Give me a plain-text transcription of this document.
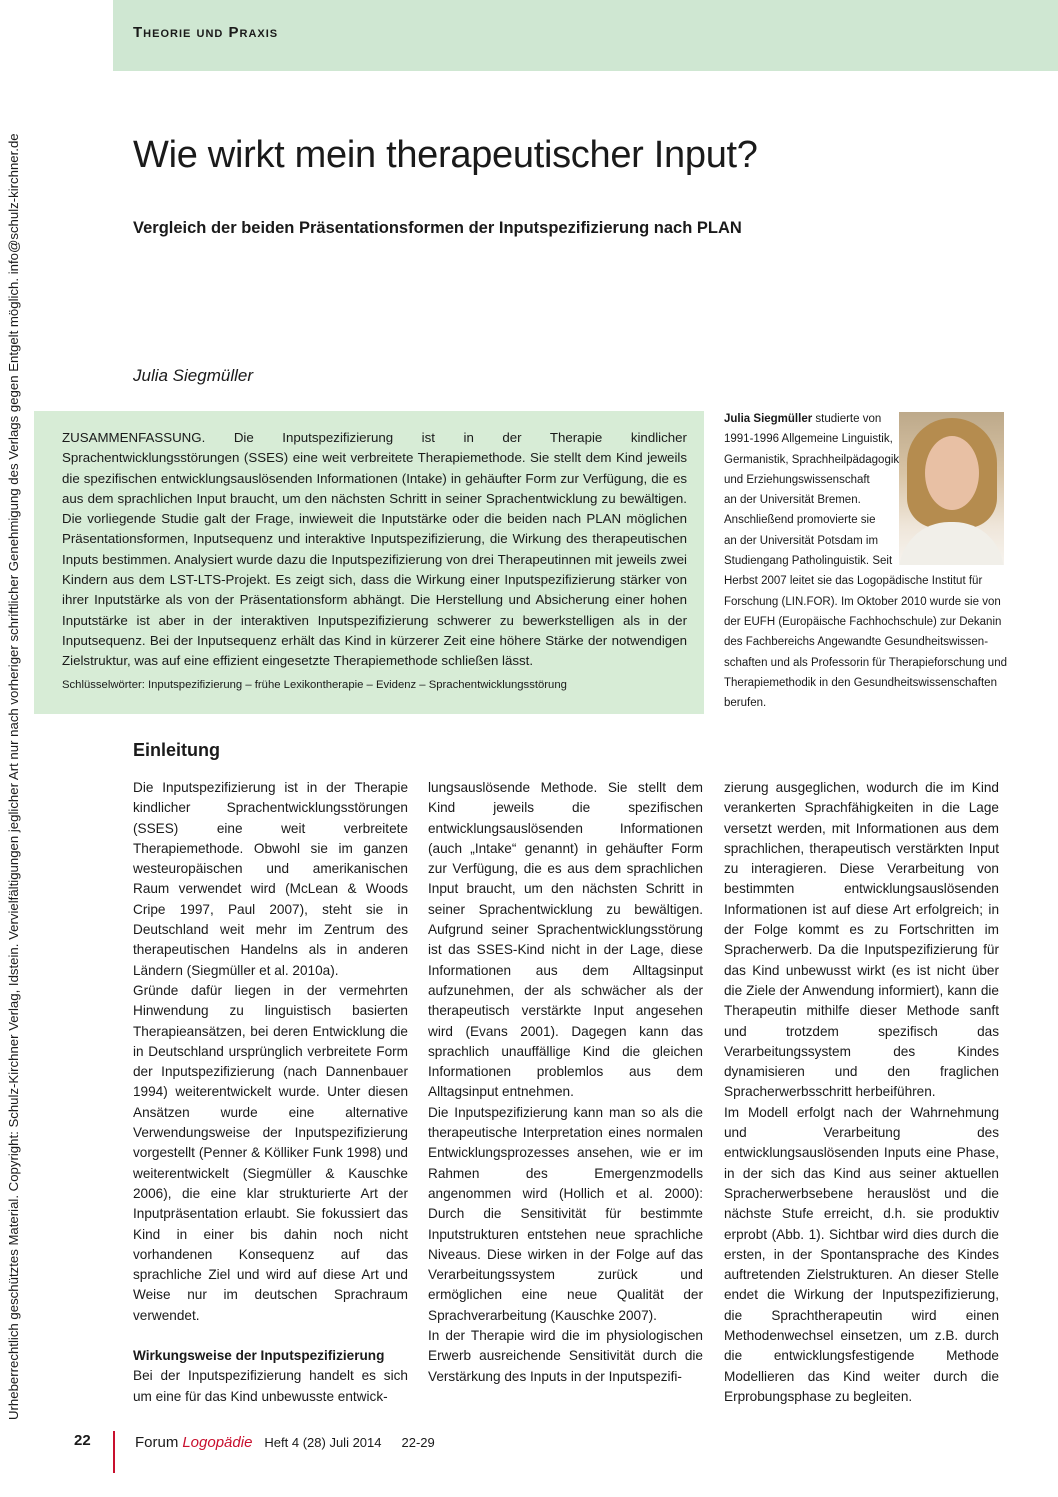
Theorie und Praxis
Urheberrechtlich geschütztes Material. Copyright: Schulz-Kirchner Verlag, Idstein. Vervielfältigungen jeglicher Art nur nach vorheriger schriftlicher Genehmigung des Verlags gegen Entgelt möglich. info@schulz-kirchner.de	Wie wirkt mein therapeutischer Input?
Vergleich der beiden Präsentationsformen der Inputspezifizierung nach PLAN
Julia Siegmüller
ZUSAMMENFASSUNG. Die Inputspezifizierung ist in der Therapie kindlicher Sprachentwicklungsstörungen (SSES) eine weit verbreitete Therapiemethode. Sie stellt dem Kind jeweils die spezifischen entwicklungsauslösenden Informationen (Intake) in gehäufter Form zur Verfügung, die es aus dem sprachlichen Input braucht, um den nächsten Schritt in seiner Sprachentwicklung zu bewältigen. Die vorliegende Studie galt der Frage, inwieweit die Inputstärke oder die beiden nach PLAN möglichen Präsentationsformen, Inputsequenz und interaktive Inputspezifizierung, die Wirkung des therapeutischen Inputs bestimmen. Analysiert wurde dazu die Inputspezifizierung von drei Therapeutinnen mit jeweils zwei Kindern aus dem LST-LTS-Projekt. Es zeigt sich, dass die Wirkung einer Inputspezifizierung stärker von ihrer Inputstärke als von der Präsentationsform abhängt. Die Herstellung und Absicherung einer hohen Inputstärke ist aber in der interaktiven Inputspezifizierung schwerer zu bewerkstelligen als in der Inputsequenz. Bei der Inputsequenz erhält das Kind in kürzerer Zeit eine höhere Stärke der notwendigen Zielstruktur, was auf eine effizient eingesetzte Therapiemethode schließen lässt.
Schlüsselwörter: Inputspezifizierung – frühe Lexikontherapie – Evidenz – Sprachentwicklungsstörung
Julia Siegmüller studierte von
1991-1996 Allgemeine Linguistik,
Germanistik, Sprachheilpädagogik
und Erziehungswissenschaft
an der Universität Bremen.
Anschließend promovierte sie
an der Universität Potsdam im
Studiengang Patholinguistik. Seit
Herbst 2007 leitet sie das Logopädische Institut für
Forschung (LIN.FOR). Im Oktober 2010 wurde sie von
der EUFH (Europäische Fachhochschule) zur Dekanin
des Fachbereichs Angewandte Gesundheitswissen-
schaften und als Professorin für Therapieforschung und
Therapiemethodik in den Gesundheitswissenschaften
berufen.
Einleitung

Die Inputspezifizierung ist in der Therapie kindlicher Sprachentwicklungsstörungen (SSES) eine weit verbreitete Therapiemethode. Obwohl sie im ganzen westeuropäischen und amerikanischen Raum verwendet wird (McLean & Woods Cripe 1997, Paul 2007), steht sie in Deutschland weit mehr im Zentrum des therapeutischen Handelns als in anderen Ländern (Siegmüller et al. 2010a).

Gründe dafür liegen in der vermehrten Hinwendung zu linguistisch basierten Therapieansätzen, bei deren Entwicklung die in Deutschland ursprünglich verbreitete Form der Inputspezifizierung (nach Dannenbauer 1994) weiterentwickelt wurde. Unter diesen Ansätzen wurde eine alternative Verwendungsweise der Inputspezifizierung vorgestellt (Penner & Kölliker Funk 1998) und weiterentwickelt (Siegmüller & Kauschke 2006), die eine klar strukturierte Art der Inputpräsentation erlaubt. Sie fokussiert das Kind in einer bis dahin noch nicht vorhandenen Konsequenz auf das sprachliche Ziel und wird auf diese Art und Weise nur im deutschen Sprachraum verwendet.

Wirkungsweise der Inputspezifizierung

Bei der Inputspezifizierung handelt es sich um eine für das Kind unbewusste entwick-

lungsauslösende Methode. Sie stellt dem Kind jeweils die spezifischen entwicklungsauslösenden Informationen (auch „Intake“ genannt) in gehäufter Form zur Verfügung, die es aus dem sprachlichen Input braucht, um den nächsten Schritt in seiner Sprachentwicklung zu bewältigen. Aufgrund seiner Sprachentwicklungsstörung ist das SSES-Kind nicht in der Lage, diese Informationen aus dem Alltagsinput aufzunehmen, der als schwächer als der therapeutisch verstärkte Input angesehen wird (Evans 2001). Dagegen kann das sprachlich unauffällige Kind die gleichen Informationen problemlos aus dem Alltagsinput entnehmen.

Die Inputspezifizierung kann man so als die therapeutische Interpretation eines normalen Entwicklungsprozesses ansehen, wie er im Rahmen des Emergenzmodells angenommen wird (Hollich et al. 2000): Durch die Sensitivität für bestimmte Inputstrukturen entstehen neue sprachliche Niveaus. Diese wirken in der Folge auf das Verarbeitungssystem zurück und ermöglichen eine neue Qualität der Sprachverarbeitung (Kauschke 2007).

In der Therapie wird die im physiologischen Erwerb ausreichende Sensitivität durch die Verstärkung des Inputs in der Inputspezifi-

zierung ausgeglichen, wodurch die im Kind verankerten Sprachfähigkeiten in die Lage versetzt werden, mit Informationen aus dem sprachlichen, therapeutisch verstärkten Input zu interagieren. Diese Verarbeitung von bestimmten entwicklungsauslösenden Informationen ist auf diese Art erfolgreich; in der Folge kommt es zu Fortschritten im Spracherwerb. Da die Inputspezifizierung für das Kind unbewusst wirkt (es ist nicht über die Ziele der Anwendung informiert), kann die Therapeutin mithilfe dieser Methode sanft und trotzdem spezifisch das Verarbeitungssystem des Kindes dynamisieren und den fraglichen Spracherwerbsschritt herbeiführen.

Im Modell erfolgt nach der Wahrnehmung und Verarbeitung des entwicklungsauslösenden Inputs eine Phase, in der sich das Kind aus seiner aktuellen Spracherwerbsebene herauslöst und die nächste Stufe erreicht, d.h. sie produktiv erprobt (Abb. 1). Sichtbar wird dies durch die ersten, in der Spontansprache des Kindes auftretenden Zielstrukturen. An dieser Stelle endet die Wirkung der Inputspezifizierung, die Sprachtherapeutin wird einen Methodenwechsel einsetzen, um z.B. durch die entwicklungsfestigende Methode Modellieren das Kind weiter durch die Erprobungsphase zu begleiten.

22	Forum Logopädie Heft 4 (28) Juli 2014 22-29
